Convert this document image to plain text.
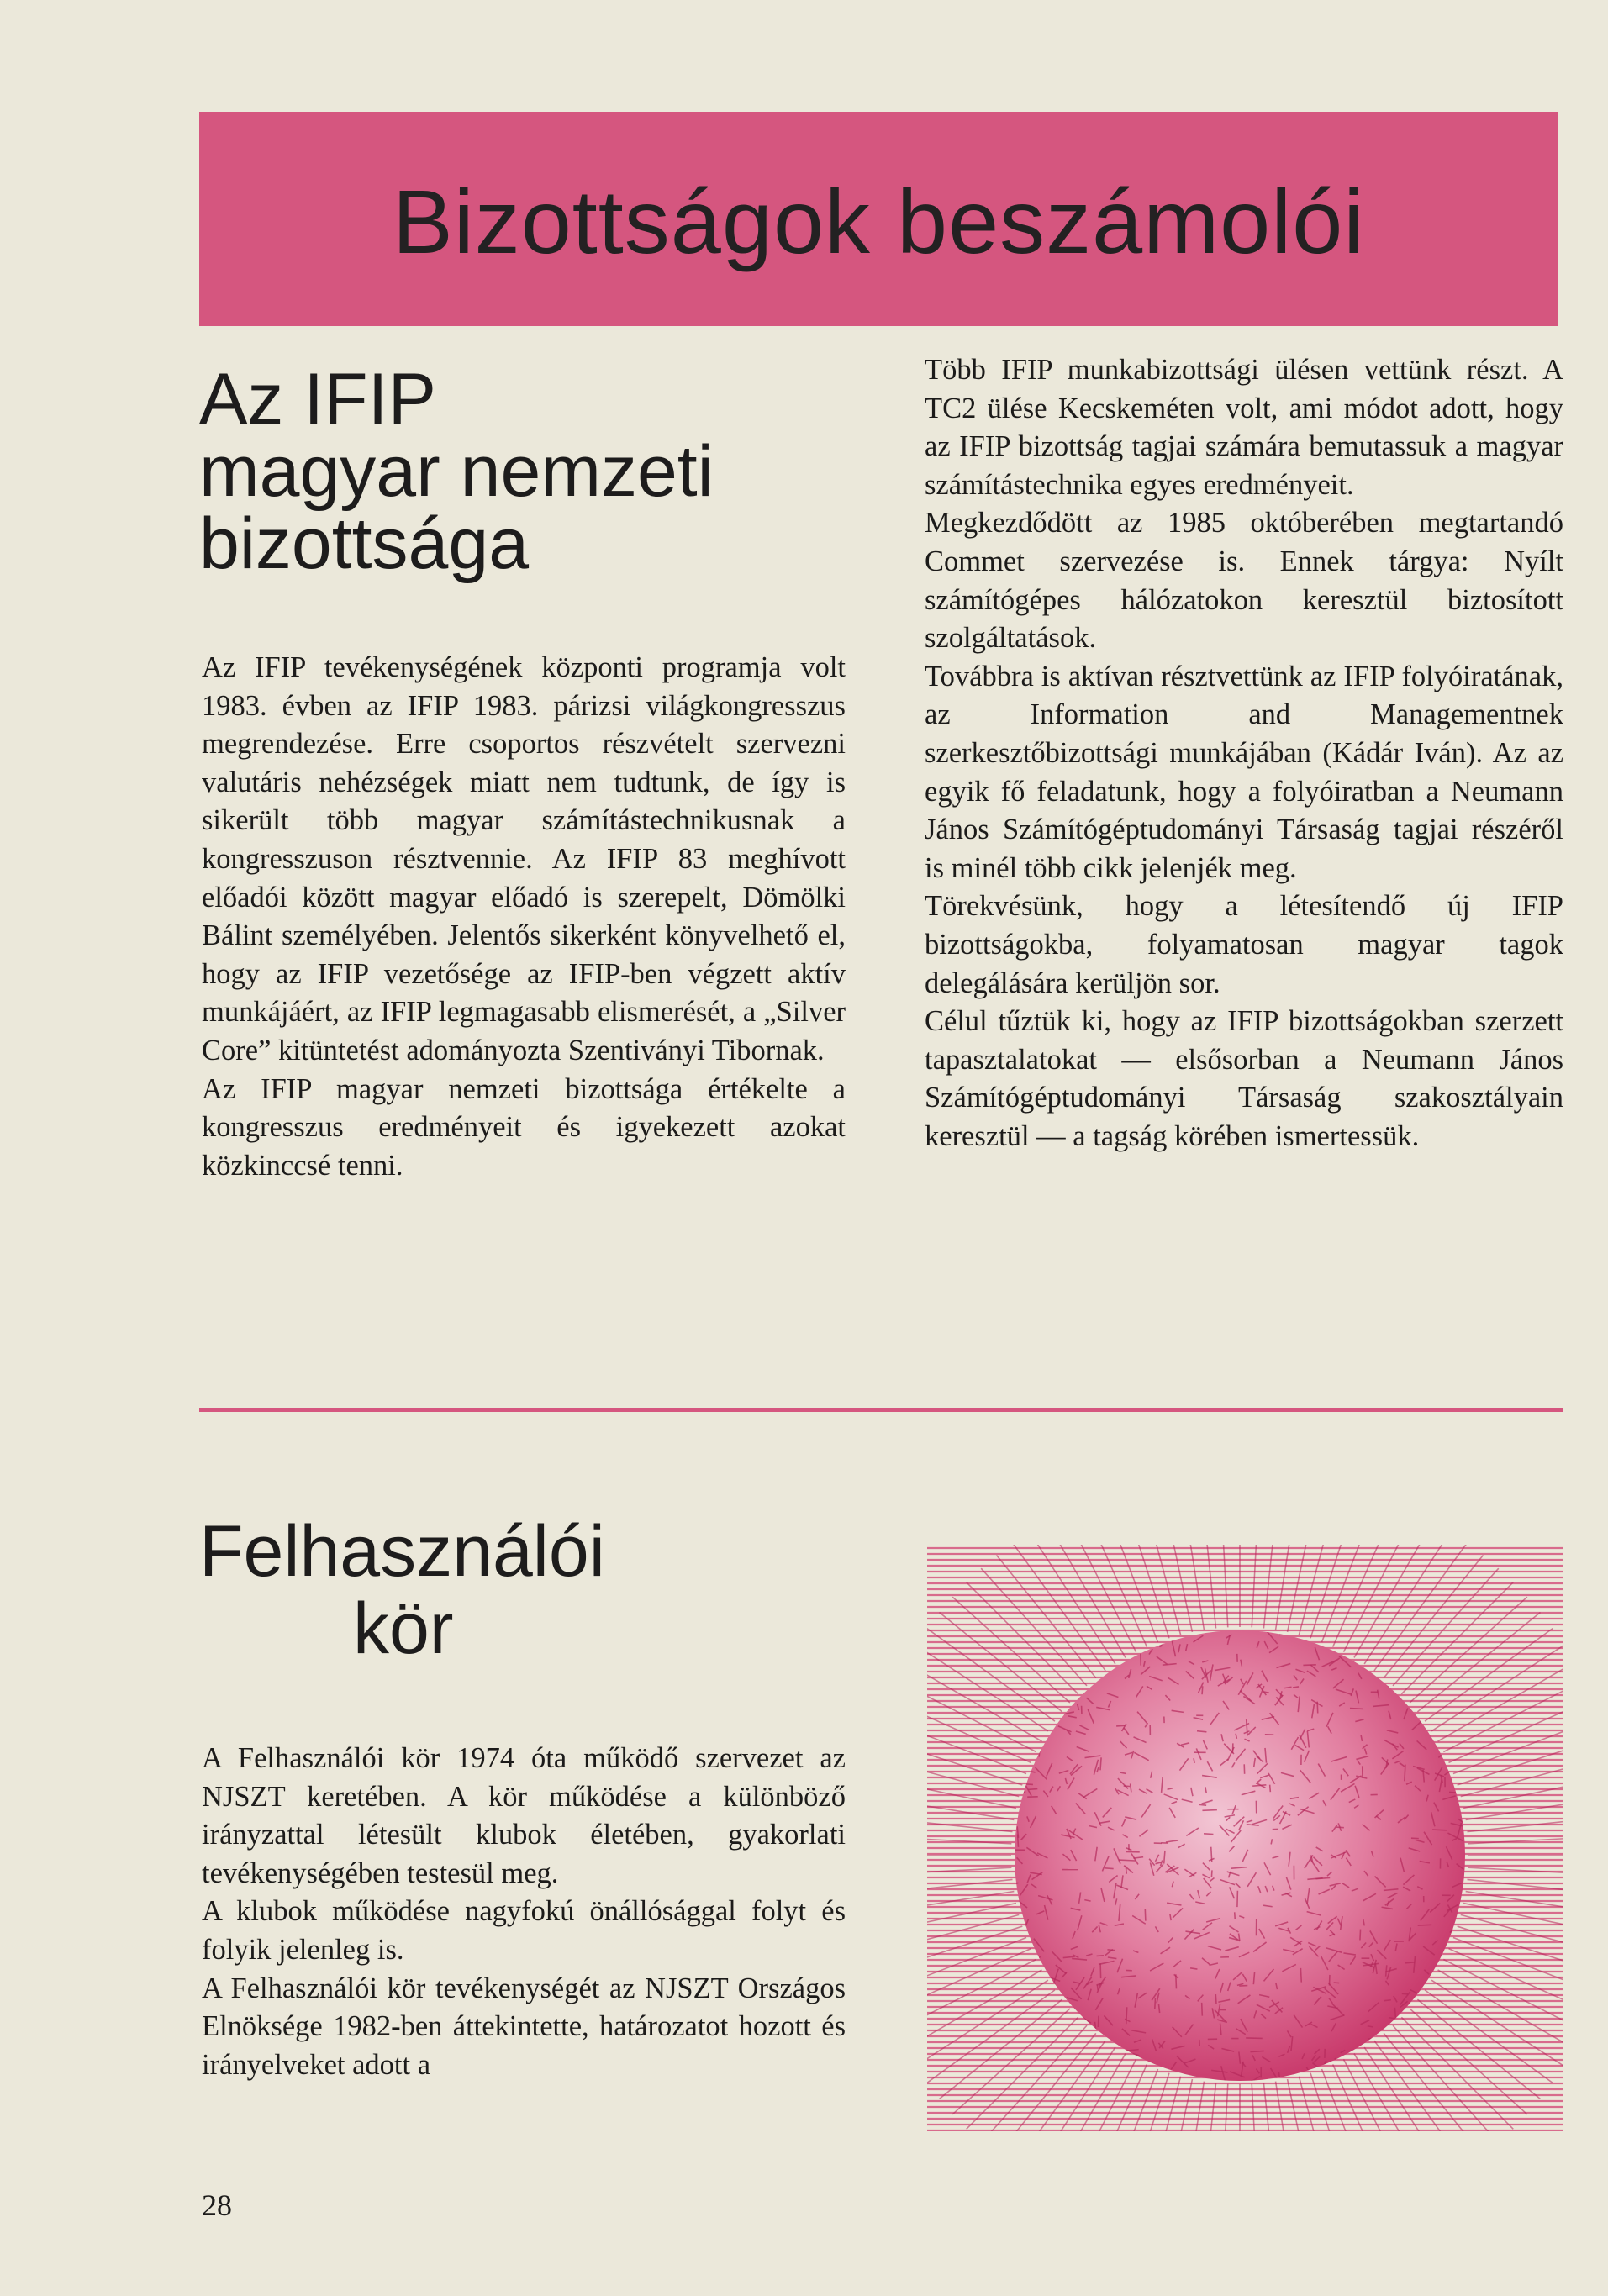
Bizottságok beszámolói
Az IFIP
magyar nemzeti
bizottsága

Az IFIP tevékenységének központi programja volt 1983. évben az IFIP 1983. párizsi világkongresszus megrendezése. Erre csoportos részvételt szervezni valutáris nehézségek miatt nem tudtunk, de így is sikerült több magyar számítástechnikusnak a kongresszuson résztvennie. Az IFIP 83 meghívott előadói között magyar előadó is szerepelt, Dömölki Bálint személyében. Jelentős sikerként könyvelhető el, hogy az IFIP vezetősége az IFIP-ben végzett aktív munkájáért, az IFIP legmagasabb elismerését, a „Silver Core” kitüntetést adományozta Szentiványi Tibornak.

Az IFIP magyar nemzeti bizottsága értékelte a kongresszus eredményeit és igyekezett azokat közkinccsé tenni.

Több IFIP munkabizottsági ülésen vettünk részt. A TC2 ülése Kecskeméten volt, ami módot adott, hogy az IFIP bizottság tagjai számára bemutassuk a magyar számítástechnika egyes eredményeit.

Megkezdődött az 1985 októberében megtartandó Commet szervezése is. Ennek tárgya: Nyílt számítógépes hálózatokon keresztül biztosított szolgáltatások.

Továbbra is aktívan résztvettünk az IFIP folyóiratának, az Information and Managementnek szerkesztőbizottsági munkájában (Kádár Iván). Az az egyik fő feladatunk, hogy a folyóiratban a Neumann János Számítógéptudományi Társaság tagjai részéről is minél több cikk jelenjék meg.

Törekvésünk, hogy a létesítendő új IFIP bizottságokba, folyamatosan magyar tagok delegálására kerüljön sor.

Célul tűztük ki, hogy az IFIP bizottságokban szerzett tapasztalatokat — elsősorban a Neumann János Számítógéptudományi Társaság szakosztályain keresztül — a tagság körében ismertessük.

Felhasználói
kör

A Felhasználói kör 1974 óta működő szervezet az NJSZT keretében. A kör működése a különböző irányzattal létesült klubok életében, gyakorlati tevékenységében testesül meg.

A klubok működése nagyfokú önállósággal folyt és folyik jelenleg is.

A Felhasználói kör tevékenységét az NJSZT Országos Elnöksége 1982-ben áttekintette, határozatot hozott és irányelveket adott a

28
